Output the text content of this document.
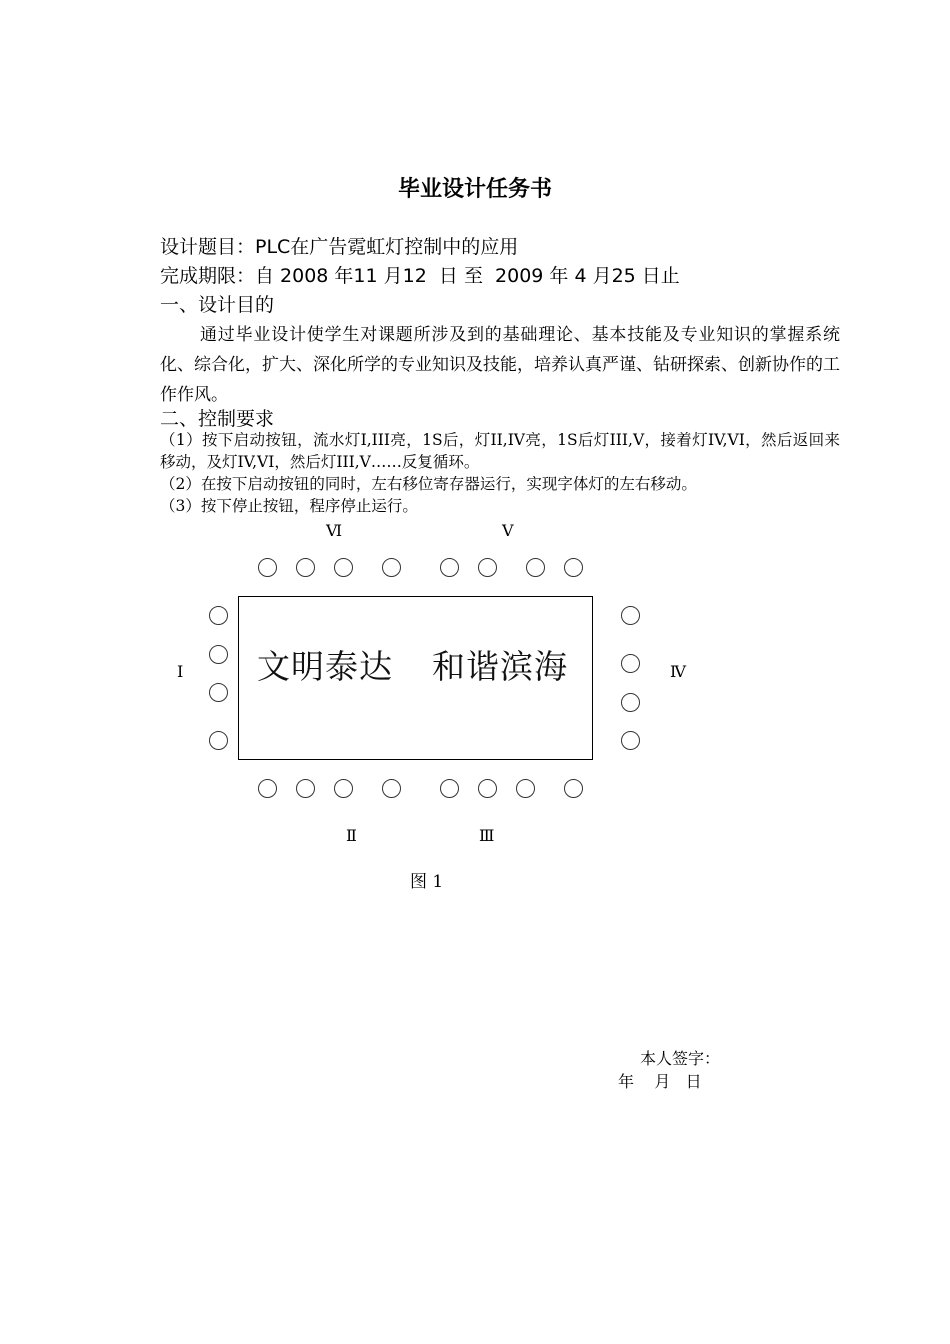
毕业设计任务书
设计题目：PLC在广告霓虹灯控制中的应用
完成期限：自 2008 年11 月12  日 至  2009 年 4 月25 日止
一、设计目的
通过毕业设计使学生对课题所涉及到的基础理论、基本技能及专业知识的掌握系统化、综合化，扩大、深化所学的专业知识及技能，培养认真严谨、钻研探索、创新协作的工作作风。
二、控制要求
（1）按下启动按钮，流水灯I,III亮，1S后，灯II,IV亮，1S后灯III,V，接着灯IV,VI，然后返回来移动，及灯IV,VI，然后灯III,V……反复循环。
（2）在按下启动按钮的同时，左右移位寄存器运行，实现字体灯的左右移动。
（3）按下停止按钮，程序停止运行。
Ⅵ	Ⅴ
I	Ⅳ
Ⅱ	Ⅲ
文明泰达 和谐滨海
图 1
本人签字：
年    月   日
